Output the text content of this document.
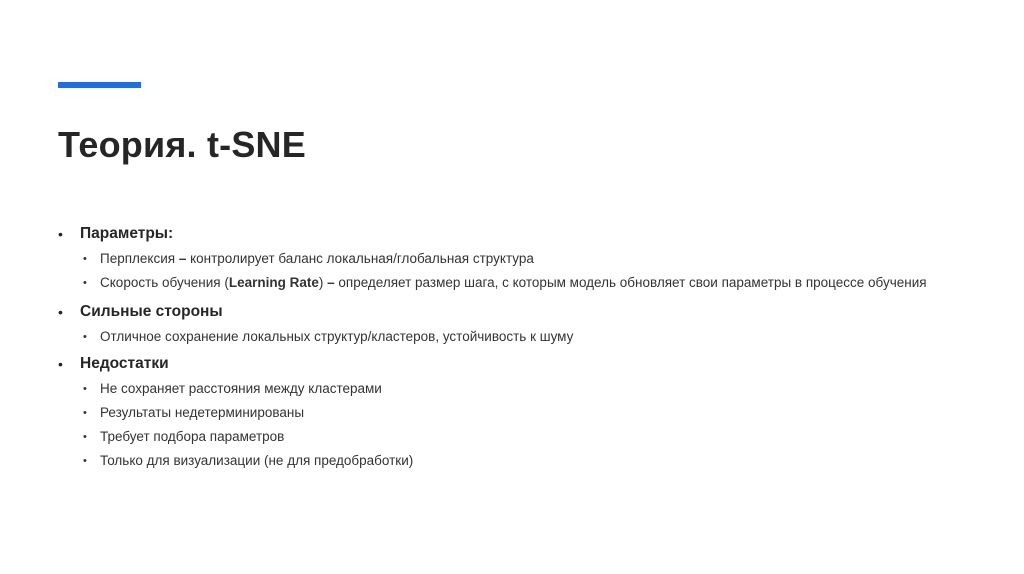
Теория. t-SNE
• Параметры:
• Перплексия – контролирует баланс локальная/глобальная структура
• Скорость обучения (Learning Rate) – определяет размер шага, с которым модель обновляет свои параметры в процессе обучения
• Сильные стороны
• Отличное сохранение локальных структур/кластеров, устойчивость к шуму
• Недостатки
• Не сохраняет расстояния между кластерами
• Результаты недетерминированы
• Требует подбора параметров
• Только для визуализации (не для предобработки)
